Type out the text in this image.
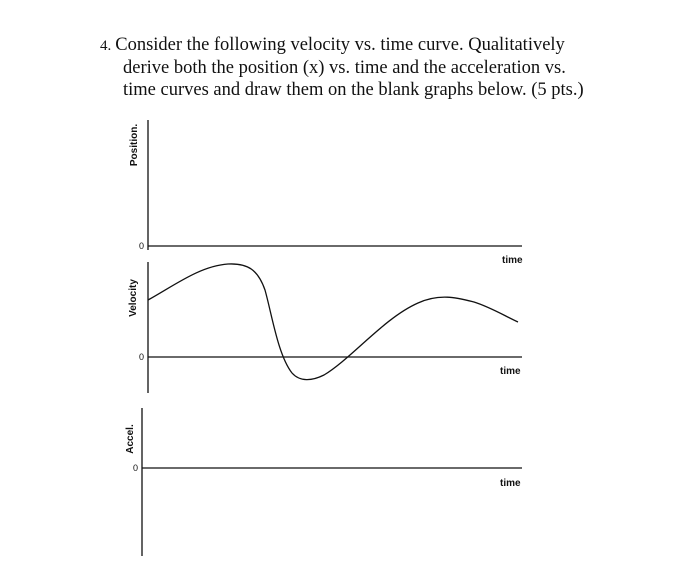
4. Consider the following velocity vs. time curve. Qualitatively
derive both the position (x) vs. time and the acceleration vs.
time curves and draw them on the blank graphs below. (5 pts.)
Position.
0
time
Velocity
0
time
Accel.
0
time
